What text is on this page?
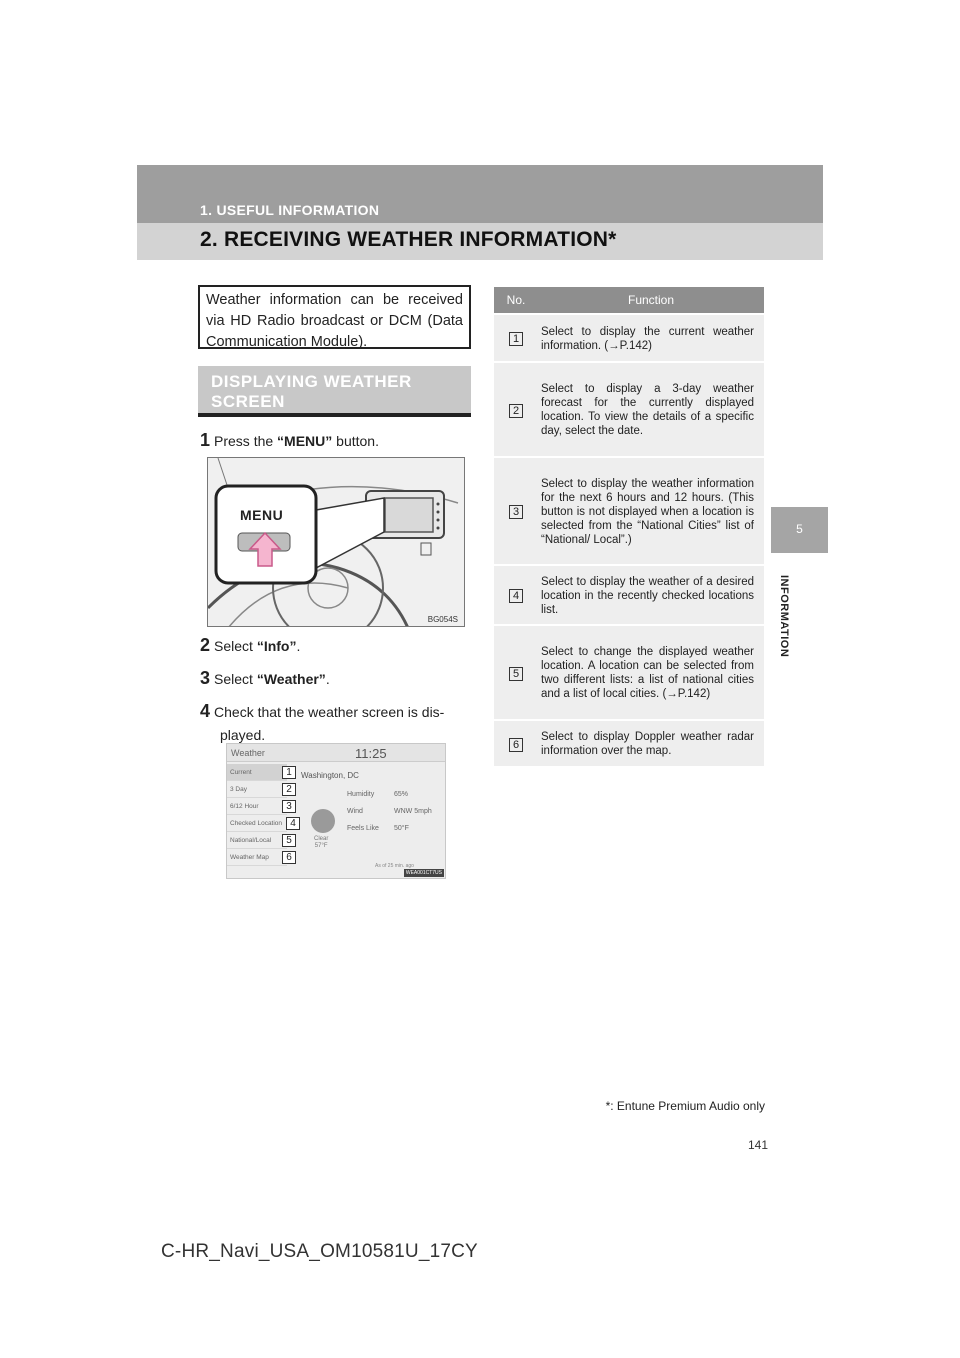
1. USEFUL INFORMATION
2. RECEIVING WEATHER INFORMATION*
5
INFORMATION
Weather information can be received via HD Radio broadcast or DCM (Data Communication Module).
DISPLAYING WEATHER SCREEN
1 Press the “MENU” button.
MENU
BG054S
2 Select “Info”.
3 Select “Weather”.
4 Check that the weather screen is dis-
played.
Weather	11:25
Current
3 Day
6/12 Hour
Checked Location
National/Local
Weather Map
Washington, DC
Clear
57°F
Humidity	65%
Wind	WNW 5mph
Feels Like 50°F
As of 25 min. ago
WEA001CT7US
1
2
3
4
5
6
No.	Function
1	Select to display the current weather information. (→P.142)
2	Select to display a 3-day weather forecast for the currently displayed location. To view the details of a specific day, select the date.
3	Select to display the weather information for the next 6 hours and 12 hours. (This button is not displayed when a location is selected from the “National Cities” list of “National/ Local”.)
4	Select to display the weather of a desired location in the recently checked locations list.
5	Select to change the displayed weather location. A location can be selected from two different lists: a list of national cities and a list of local cities. (→P.142)
6	Select to display Doppler weather radar information over the map.
*: Entune Premium Audio only
141
C-HR_Navi_USA_OM10581U_17CY
